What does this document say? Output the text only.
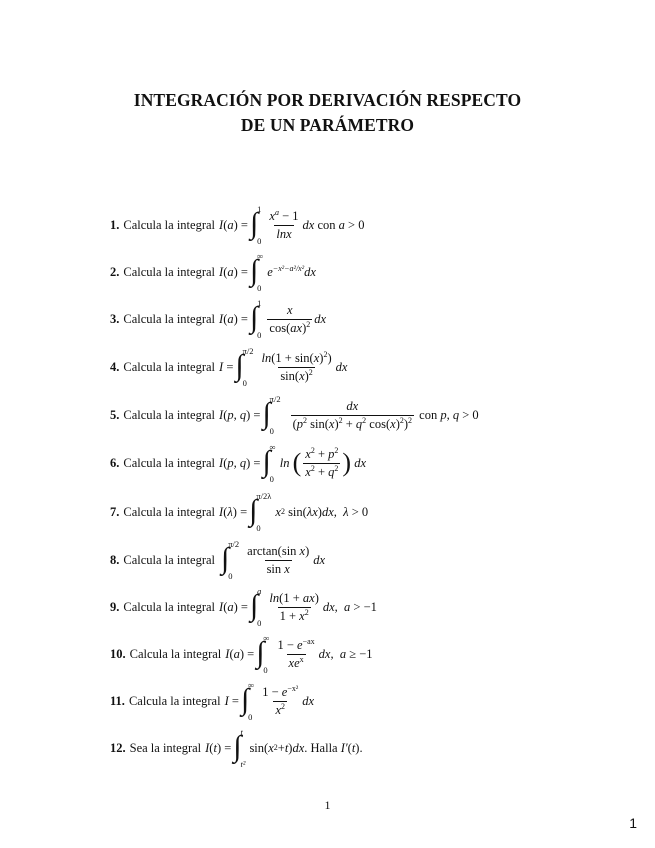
INTEGRACIÓN POR DERIVACIÓN RESPECTO
DE UN PARÁMETRO
1. Calcula la integral I ( a ) = ∫ 1
$0 \frac{x^a - 1}{\ln x}$ dx
con
a
> 0
2. Calcula la integral I ( a ) = ∫ ∞
0
$e^{-x^2-a^2/x^2}$ dx
3. Calcula la integral I ( a ) = ∫ 1
$0 \frac{x}{\cos(ax)^2}$ dx
4. Calcula la integral I = ∫ π/2
0	$\frac{\ln(1 + \sin(x)^2)}{\sin(x)^2}$ dx
5. Calcula la integral I ( p, q ) = ∫ π/2
0	$\frac{dx}{(p^2 \sin(x)^2 + q^2 \cos(x)^2)^2}$
con
p, q
> 0
6. Calcula la integral I ( p, q ) = ∫ ∞
0
ln
( $\frac{x^2 + p^2}{x^2 + q^2}$ )
dx
7. Calcula la integral I ( λ ) = ∫ π/2λ
0
x 2 sin( λx ) dx,
λ
> 0
8. Calcula la integral ∫ π/2
0	$\frac{\text{arctan(sin x)}}{\text{sin x}}$ dx
9. Calcula la integral I ( a ) = ∫ a
$0 \frac{\ln(1 + ax)}{1 + x^2}$ dx,
a
> −1
10. Calcula la integral I ( a ) = ∫ ∞
$0 \frac{1 - e^{-ax}}{xe^x}$ dx,
a
≥ −1
11. Calcula la integral I = ∫ ∞
$0 \frac{1 - e^{-x^2}}{x^2}$ dx
12. Sea la integral I ( t ) = ∫ t
t²
sin( x 2 + t ) dx . Halla
I′ ( t ).
1
1
